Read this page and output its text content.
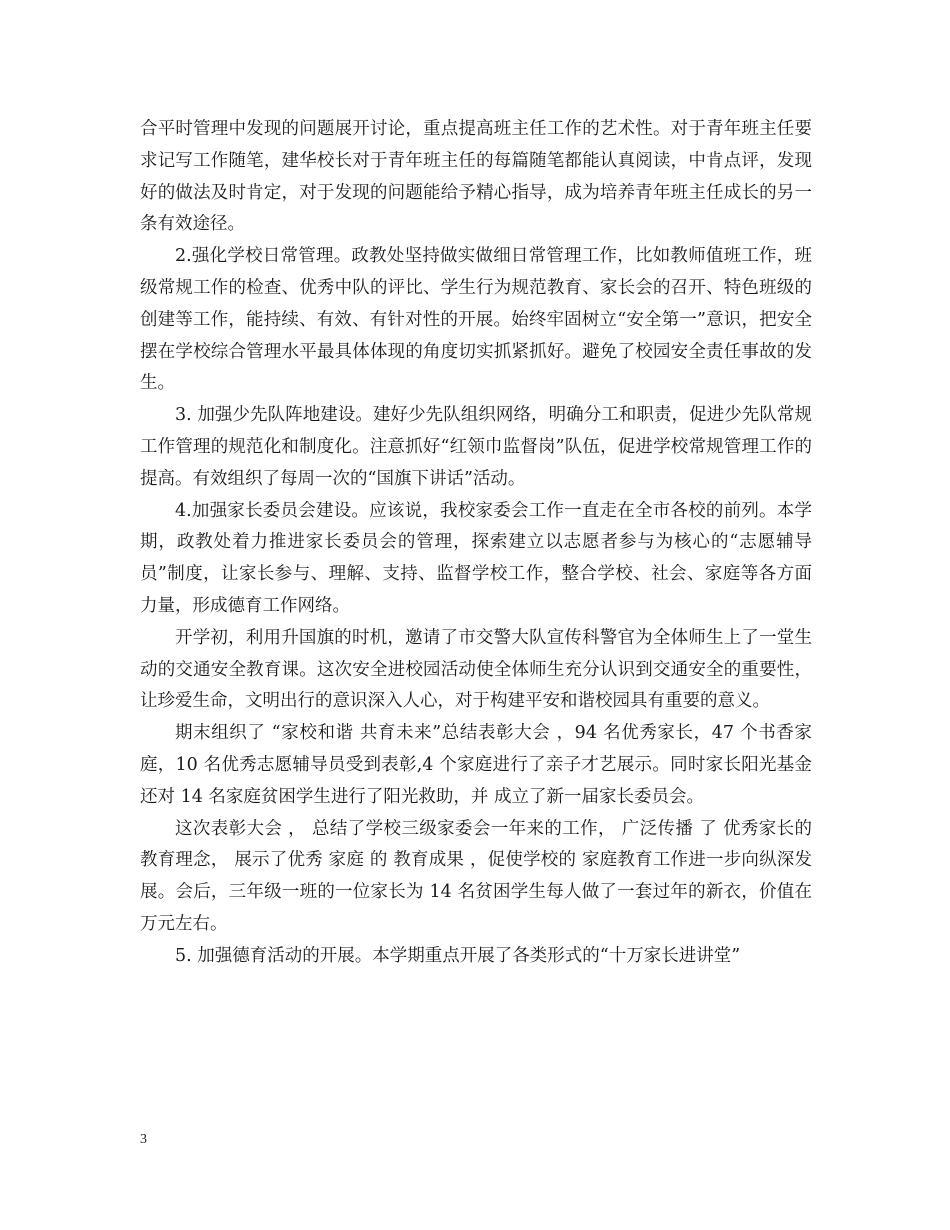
合平时管理中发现的问题展开讨论，重点提高班主任工作的艺术性。对于青年班主任要求记写工作随笔，建华校长对于青年班主任的每篇随笔都能认真阅读，中肯点评，发现好的做法及时肯定，对于发现的问题能给予精心指导，成为培养青年班主任成长的另一条有效途径。

2.强化学校日常管理。政教处坚持做实做细日常管理工作，比如教师值班工作，班级常规工作的检查、优秀中队的评比、学生行为规范教育、家长会的召开、特色班级的创建等工作，能持续、有效、有针对性的开展。始终牢固树立“安全第一”意识，把安全摆在学校综合管理水平最具体体现的角度切实抓紧抓好。避免了校园安全责任事故的发生。

3. 加强少先队阵地建设。建好少先队组织网络，明确分工和职责，促进少先队常规工作管理的规范化和制度化。注意抓好“红领巾监督岗”队伍，促进学校常规管理工作的提高。有效组织了每周一次的“国旗下讲话”活动。

4.加强家长委员会建设。应该说，我校家委会工作一直走在全市各校的前列。本学期，政教处着力推进家长委员会的管理，探索建立以志愿者参与为核心的“志愿辅导员”制度，让家长参与、理解、支持、监督学校工作，整合学校、社会、家庭等各方面力量，形成德育工作网络。

开学初，利用升国旗的时机，邀请了市交警大队宣传科警官为全体师生上了一堂生动的交通安全教育课。这次安全进校园活动使全体师生充分认识到交通安全的重要性，让珍爱生命，文明出行的意识深入人心，对于构建平安和谐校园具有重要的意义。

期末组织了 “家校和谐 共育未来”总结表彰大会 ，94 名优秀家长，47 个书香家庭，10 名优秀志愿辅导员受到表彰,4 个家庭进行了亲子才艺展示。同时家长阳光基金还对 14 名家庭贫困学生进行了阳光救助，并 成立了新一届家长委员会。

这次表彰大会 ， 总结了学校三级家委会一年来的工作， 广泛传播 了 优秀家长的教育理念， 展示了优秀 家庭 的 教育成果 ，促使学校的 家庭教育工作进一步向纵深发展。会后，三年级一班的一位家长为 14 名贫困学生每人做了一套过年的新衣，价值在万元左右。

5. 加强德育活动的开展。本学期重点开展了各类形式的“十万家长进讲堂”

3
